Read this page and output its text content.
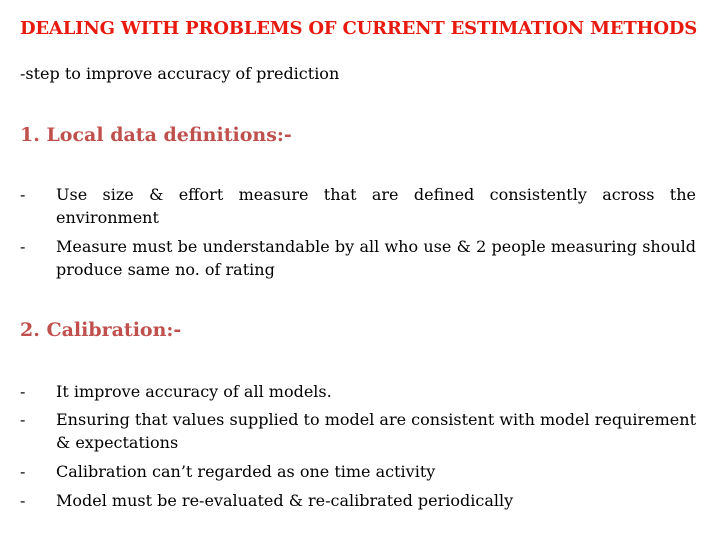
DEALING WITH PROBLEMS OF CURRENT ESTIMATION METHODS
-step to improve accuracy of prediction
1. Local data definitions:-
- Use size & effort measure that are defined consistently across the environment
- Measure must be understandable by all who use & 2 people measuring should produce same no. of rating
2. Calibration:-
- It improve accuracy of all models.
- Ensuring that values supplied to model are consistent with model requirement & expectations
- Calibration can’t regarded as one time activity
- Model must be re-evaluated & re-calibrated periodically
